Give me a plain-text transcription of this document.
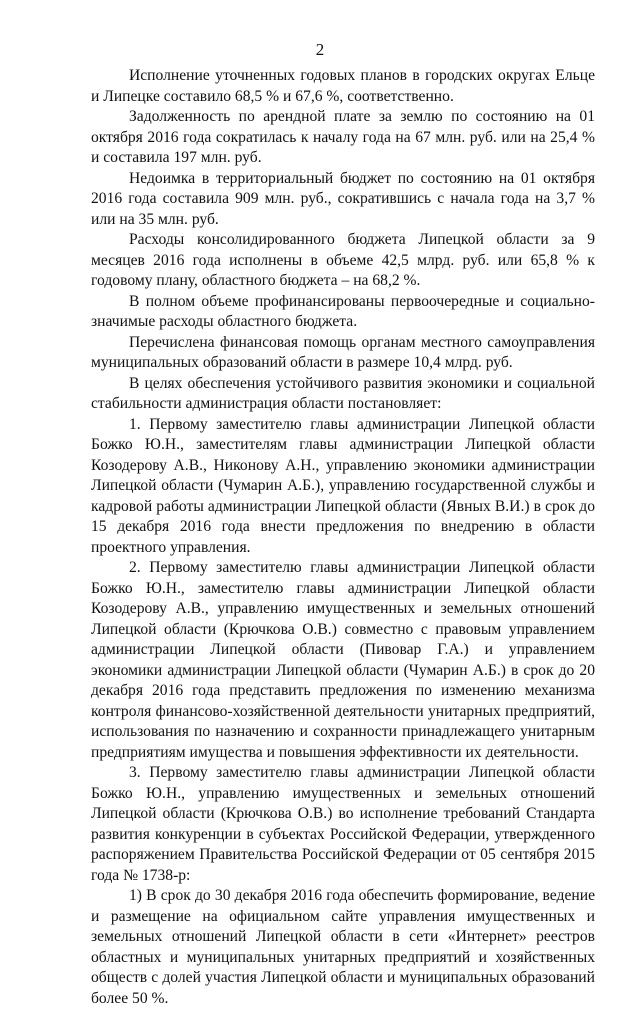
2

Исполнение уточненных годовых планов в городских округах Ельце и Липецке составило 68,5 % и 67,6 %, соответственно.

Задолженность по арендной плате за землю по состоянию на 01 октября 2016 года сократилась к началу года на 67 млн. руб. или на 25,4 % и составила 197 млн. руб.

Недоимка в территориальный бюджет по состоянию на 01 октября 2016 года составила 909 млн. руб., сократившись с начала года на 3,7 % или на 35 млн. руб.

Расходы консолидированного бюджета Липецкой области за 9 месяцев 2016 года исполнены в объеме 42,5 млрд. руб. или 65,8 % к годовому плану, областного бюджета – на 68,2 %.

В полном объеме профинансированы первоочередные и социально-значимые расходы областного бюджета.

Перечислена финансовая помощь органам местного самоуправления муниципальных образований области в размере 10,4 млрд. руб.

В целях обеспечения устойчивого развития экономики и социальной стабильности администрация области постановляет:

1. Первому заместителю главы администрации Липецкой области Божко Ю.Н., заместителям главы администрации Липецкой области Козодерову А.В., Никонову А.Н., управлению экономики администрации Липецкой области (Чумарин А.Б.), управлению государственной службы и кадровой работы администрации Липецкой области (Явных В.И.) в срок до 15 декабря 2016 года внести предложения по внедрению в области проектного управления.

2. Первому заместителю главы администрации Липецкой области Божко Ю.Н., заместителю главы администрации Липецкой области Козодерову А.В., управлению имущественных и земельных отношений Липецкой области (Крючкова О.В.) совместно с правовым управлением администрации Липецкой области (Пивовар Г.А.) и управлением экономики администрации Липецкой области (Чумарин А.Б.) в срок до 20 декабря 2016 года представить предложения по изменению механизма контроля финансово-хозяйственной деятельности унитарных предприятий, использования по назначению и сохранности принадлежащего унитарным предприятиям имущества и повышения эффективности их деятельности.

3. Первому заместителю главы администрации Липецкой области Божко Ю.Н., управлению имущественных и земельных отношений Липецкой области (Крючкова О.В.) во исполнение требований Стандарта развития конкуренции в субъектах Российской Федерации, утвержденного распоряжением Правительства Российской Федерации от 05 сентября 2015 года № 1738-р:

1) В срок до 30 декабря 2016 года обеспечить формирование, ведение и размещение на официальном сайте управления имущественных и земельных отношений Липецкой области в сети «Интернет» реестров областных и муниципальных унитарных предприятий и хозяйственных обществ с долей участия Липецкой области и муниципальных образований более 50 %.
